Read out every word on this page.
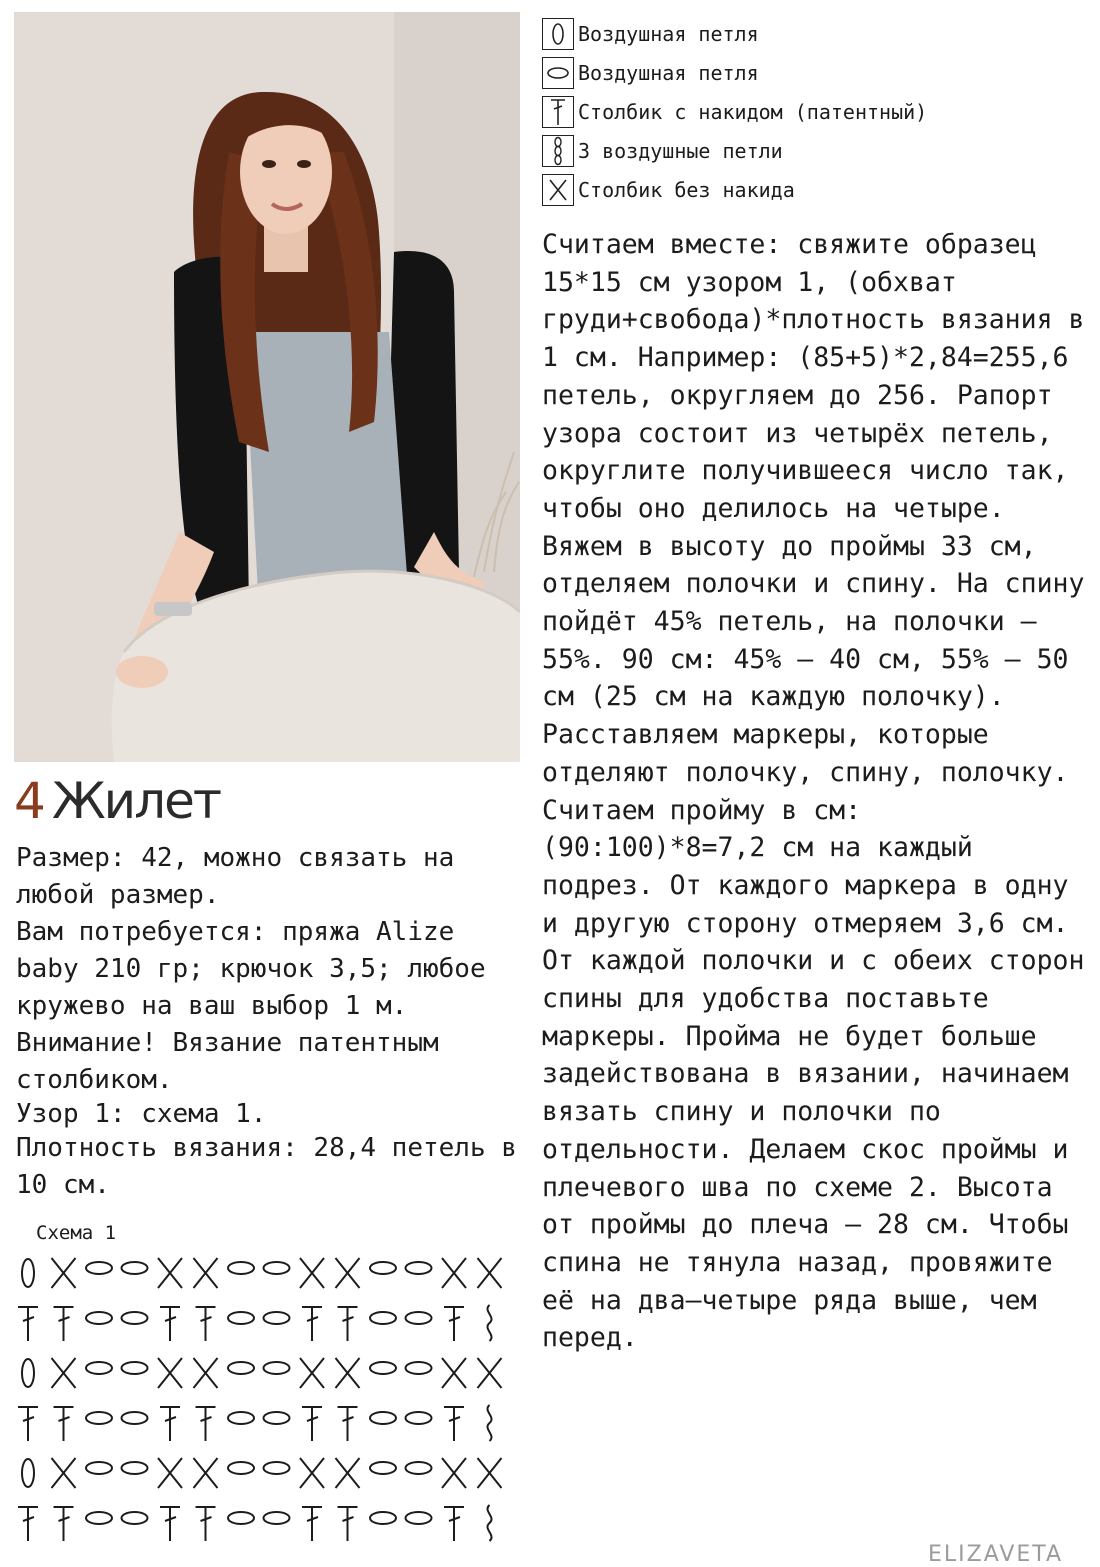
Воздушная петля
Воздушная петля
Столбик с накидом (патентный)
3 воздушные петли
Столбик без накида
4 Жилет

Размер: 42, можно связать на любой размер.

Вам потребуется: пряжа Alize baby 210 гр; крючок 3,5; любое кружево на ваш выбор 1 м.

Внимание! Вязание патентным столбиком.

Узор 1: схема 1.

Плотность вязания: 28,4 петель в 10 см.

Схема 1

Считаем вместе: свяжите образец 15*15 см узором 1, (обхват груди+свобода)*плотность вязания в 1 см. Например: (85+5)*2,84=255,6 петель, округляем до 256. Рапорт узора состоит из четырёх петель, округлите получившееся число так, чтобы оно делилось на четыре. Вяжем в высоту до проймы 33 см, отделяем полочки и спину. На спину пойдёт 45% петель, на полочки – 55%. 90 см: 45% – 40 см, 55% – 50 см (25 см на каждую полочку). Расставляем маркеры, которые отделяют полочку, спину, полочку. Считаем пройму в см: (90:100)*8=7,2 см на каждый подрез. От каждого маркера в одну и другую сторону отмеряем 3,6 см. От каждой полочки и с обеих сторон спины для удобства поставьте маркеры. Пройма не будет больше задействована в вязании, начинаем вязать спину и полочки по отдельности. Делаем скос проймы и плечевого шва по схеме 2. Высота от проймы до плеча – 28 см. Чтобы спина не тянула назад, провяжите её на два–четыре ряда выше, чем перед.

ELIZAVETA
